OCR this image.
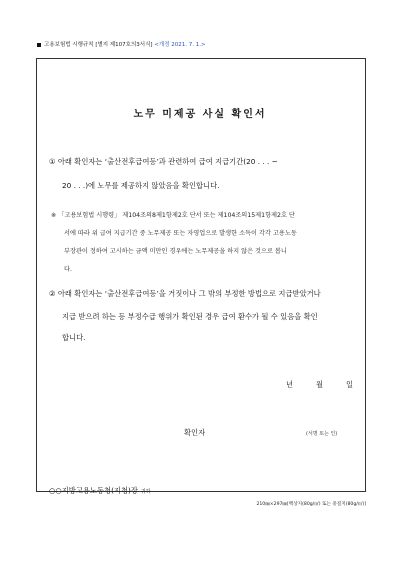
고용보험법 시행규칙 [별지 제107호의3서식] <개정 2021. 7. 1.>
노무 미제공 사실 확인서
① 아래 확인자는 ‘출산전후급여등’과 관련하여 급여 지급기간(20 . . . ~
20 . . .)에 노무를 제공하지 않았음을 확인합니다.
※ 「고용보험법 시행령」 제104조의8제1항제2호 단서 또는 제104조의15제1항제2호 단
서에 따라 위 급여 지급기간 중 노무제공 또는 자영업으로 발생한 소득이 각각 고용노동
부장관이 정하여 고시하는 금액 미만인 경우에는 노무제공을 하지 않은 것으로 봅니
다.
② 아래 확인자는 ‘출산전후급여등’을 거짓이나 그 밖의 부정한 방법으로 지급받았거나
지급 받으려 하는 등 부정수급 행위가 확인된 경우 급여 환수가 될 수 있음을 확인
합니다.
년	월	일
확인자	(서명 또는 인)
○○지방고용노동청(지청)장 귀하
210㎜×297㎜[백상지(80g/㎡) 또는 중질지(80g/㎡)]
